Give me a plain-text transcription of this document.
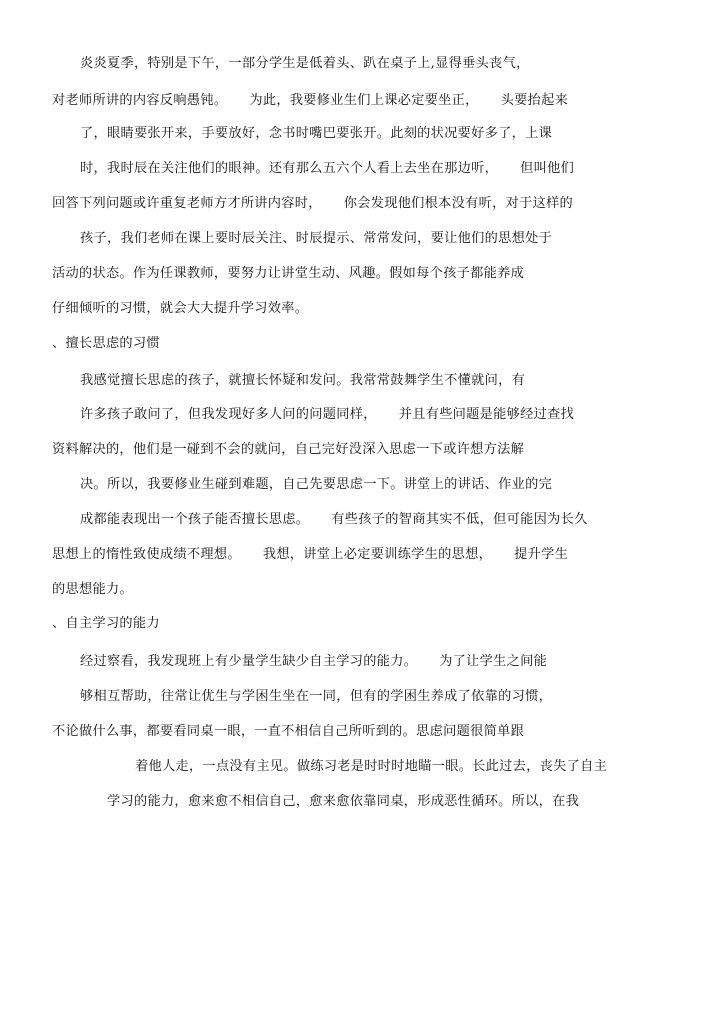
炎炎夏季，特别是下午，一部分学生是低着头、趴在桌子上,显得垂头丧气，
对老师所讲的内容反响愚钝。 为此，我要修业生们上课必定要坐正， 头要抬起来
了，眼睛要张开来，手要放好，念书时嘴巴要张开。此刻的状况要好多了，上课
时，我时辰在关注他们的眼神。还有那么五六个人看上去坐在那边听， 但叫他们
回答下列问题或许重复老师方才所讲内容时， 你会发现他们根本没有听，对于这样的
孩子，我们老师在课上要时辰关注、时辰提示、常常发问，要让他们的思想处于
活动的状态。作为任课教师，要努力让讲堂生动、风趣。假如每个孩子都能养成
仔细倾听的习惯，就会大大提升学习效率。
、擅长思虑的习惯
我感觉擅长思虑的孩子，就擅长怀疑和发问。我常常鼓舞学生不懂就问，有
许多孩子敢问了，但我发现好多人问的问题同样， 并且有些问题是能够经过查找
资料解决的，他们是一碰到不会的就问，自己完好没深入思虑一下或许想方法解
决。所以，我要修业生碰到难题，自己先要思虑一下。讲堂上的讲话、作业的完
成都能表现出一个孩子能否擅长思虑。 有些孩子的智商其实不低，但可能因为长久
思想上的惰性致使成绩不理想。 我想，讲堂上必定要训练学生的思想， 提升学生
的思想能力。
、自主学习的能力
经过察看，我发现班上有少量学生缺少自主学习的能力。 为了让学生之间能
够相互帮助，往常让优生与学困生坐在一同，但有的学困生养成了依靠的习惯，
不论做什么事，都要看同桌一眼，一直不相信自己所听到的。思虑问题很简单跟
着他人走，一点没有主见。做练习老是时时时地瞄一眼。长此过去，丧失了自主
学习的能力，愈来愈不相信自己，愈来愈依靠同桌，形成恶性循环。所以，在我
